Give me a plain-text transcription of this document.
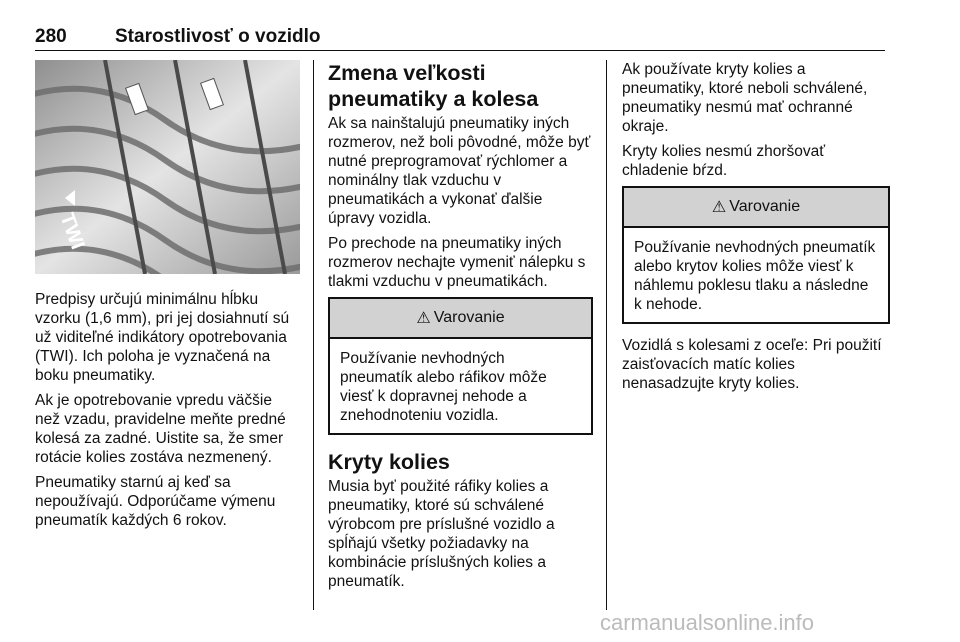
280	Starostlivosť o vozidlo
TWI

Predpisy určujú minimálnu hĺbku vzorku (1,6 mm), pri jej dosiahnutí sú už viditeľné indikátory opotrebovania (TWI). Ich poloha je vyznačená na boku pneumatiky.

Ak je opotrebovanie vpredu väčšie než vzadu, pravidelne meňte predné kolesá za zadné. Uistite sa, že smer rotácie kolies zostáva nezmenený.

Pneumatiky starnú aj keď sa nepoužívajú. Odporúčame výmenu pneumatík každých 6 rokov.

Zmena veľkosti pneumatiky a kolesa

Ak sa nainštalujú pneumatiky iných rozmerov, než boli pôvodné, môže byť nutné preprogramovať rýchlomer a nominálny tlak vzduchu v pneumatikách a vykonať ďalšie úpravy vozidla.

Po prechode na pneumatiky iných rozmerov nechajte vymeniť nálepku s tlakmi vzduchu v pneumatikách.

⚠ Varovanie

Používanie nevhodných pneumatík alebo ráfikov môže viesť k dopravnej nehode a znehodnoteniu vozidla.

Kryty kolies

Musia byť použité ráfiky kolies a pneumatiky, ktoré sú schválené výrobcom pre príslušné vozidlo a spĺňajú všetky požiadavky na kombinácie príslušných kolies a pneumatík.

Ak používate kryty kolies a pneumatiky, ktoré neboli schválené, pneumatiky nesmú mať ochranné okraje.

Kryty kolies nesmú zhoršovať chladenie bŕzd.

⚠ Varovanie

Používanie nevhodných pneumatík alebo krytov kolies môže viesť k náhlemu poklesu tlaku a následne k nehode.

Vozidlá s kolesami z oceľe: Pri použití zaisťovacích matíc kolies nenasadzujte kryty kolies.

carmanualsonline.info
